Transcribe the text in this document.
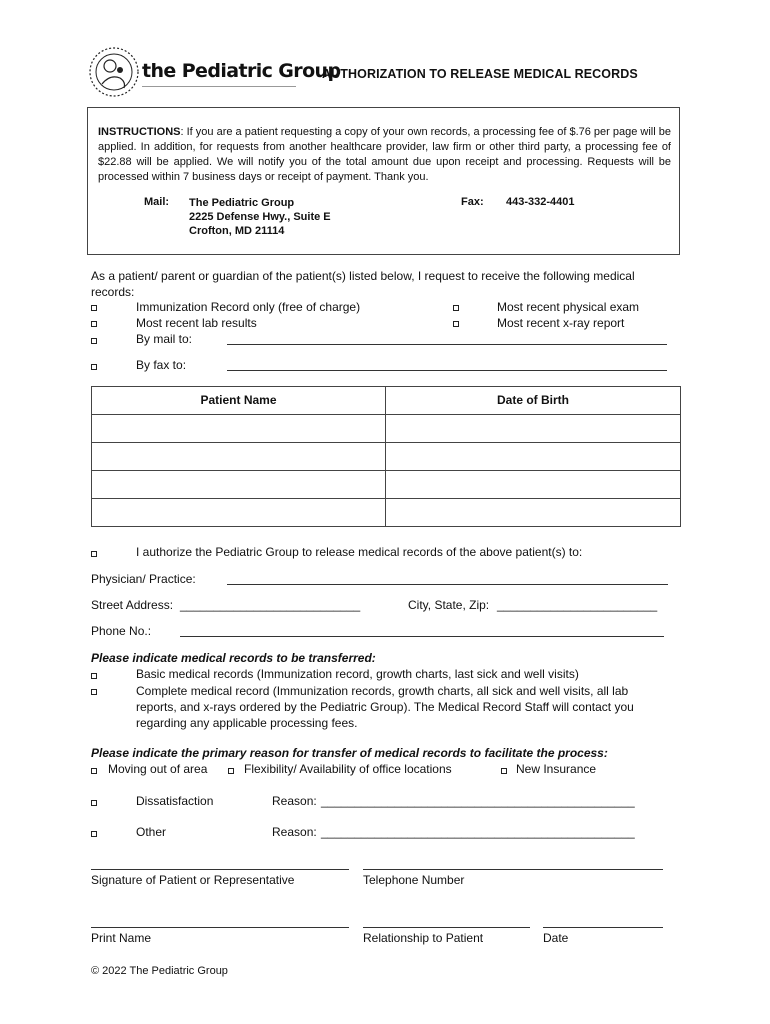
the Pediatric Group
AUTHORIZATION TO RELEASE MEDICAL RECORDS
INSTRUCTIONS: If you are a patient requesting a copy of your own records, a processing fee of $.76 per page will be applied. In addition, for requests from another healthcare provider, law firm or other third party, a processing fee of $22.88 will be applied. We will notify you of the total amount due upon receipt and processing. Requests will be processed within 7 business days or receipt of payment. Thank you.
Mail: The Pediatric Group
2225 Defense Hwy., Suite E
Crofton, MD 21114
Fax: 443-332-4401
As a patient/ parent or guardian of the patient(s) listed below, I request to receive the following medical records:
Immunization Record only (free of charge)
Most recent lab results
Most recent physical exam
Most recent x-ray report
By mail to:
By fax to:
Patient Name	Date of Birth

I authorize the Pediatric Group to release medical records of the above patient(s) to:
Physician/ Practice:
Street Address: ___________________________	City, State, Zip: ________________________
Phone No.:
Please indicate medical records to be transferred:
Basic medical records (Immunization record, growth charts, last sick and well visits)
Complete medical record (Immunization records, growth charts, all sick and well visits, all lab
reports, and x-rays ordered by the Pediatric Group). The Medical Record Staff will contact you
regarding any applicable processing fees.
Please indicate the primary reason for transfer of medical records to facilitate the process:
Moving out of area	Flexibility/ Availability of office locations	New Insurance
Dissatisfaction	Reason: _______________________________________________
Other	Reason: _______________________________________________
Signature of Patient or Representative	Telephone Number
Print Name	Relationship to Patient	Date
© 2022 The Pediatric Group
